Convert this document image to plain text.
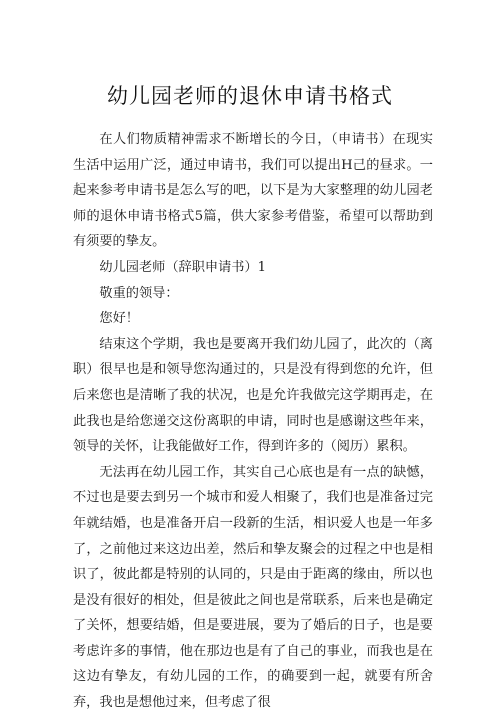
幼儿园老师的退休申请书格式

在人们物质精神需求不断增长的今日，（申请书）在现实生活中运用广泛，通过申请书，我们可以提出H己的昼求。一起来参考申请书是怎么写的吧，以下是为大家整理的幼儿园老师的退休申请书格式5篇，供大家参考借鉴，希望可以帮助到有须要的挚友。

幼儿园老师（辞职申请书）1

敬重的领导：

您好！

结束这个学期，我也是要离开我们幼儿园了，此次的（离职）很早也是和领导您沟通过的，只是没有得到您的允许，但后来您也是清晰了我的状况，也是允许我做完这学期再走，在此我也是给您递交这份离职的申请，同时也是感谢这些年来，领导的关怀，让我能做好工作，得到许多的（阅历）累积。

无法再在幼儿园工作，其实自己心底也是有一点的缺憾，不过也是要去到另一个城市和爱人相聚了，我们也是准备过完年就结婚，也是准备开启一段新的生活，相识爱人也是一年多了，之前他过来这边出差，然后和挚友聚会的过程之中也是相识了，彼此都是特别的认同的，只是由于距离的缘由，所以也是没有很好的相处，但是彼此之间也是常联系，后来也是确定了关怀，想要结婚，但是要进展，要为了婚后的日子，也是要考虑许多的事情，他在那边也是有了自己的事业，而我也是在这边有挚友，有幼儿园的工作，的确要到一起，就要有所舍弃，我也是想他过来，但考虑了很
